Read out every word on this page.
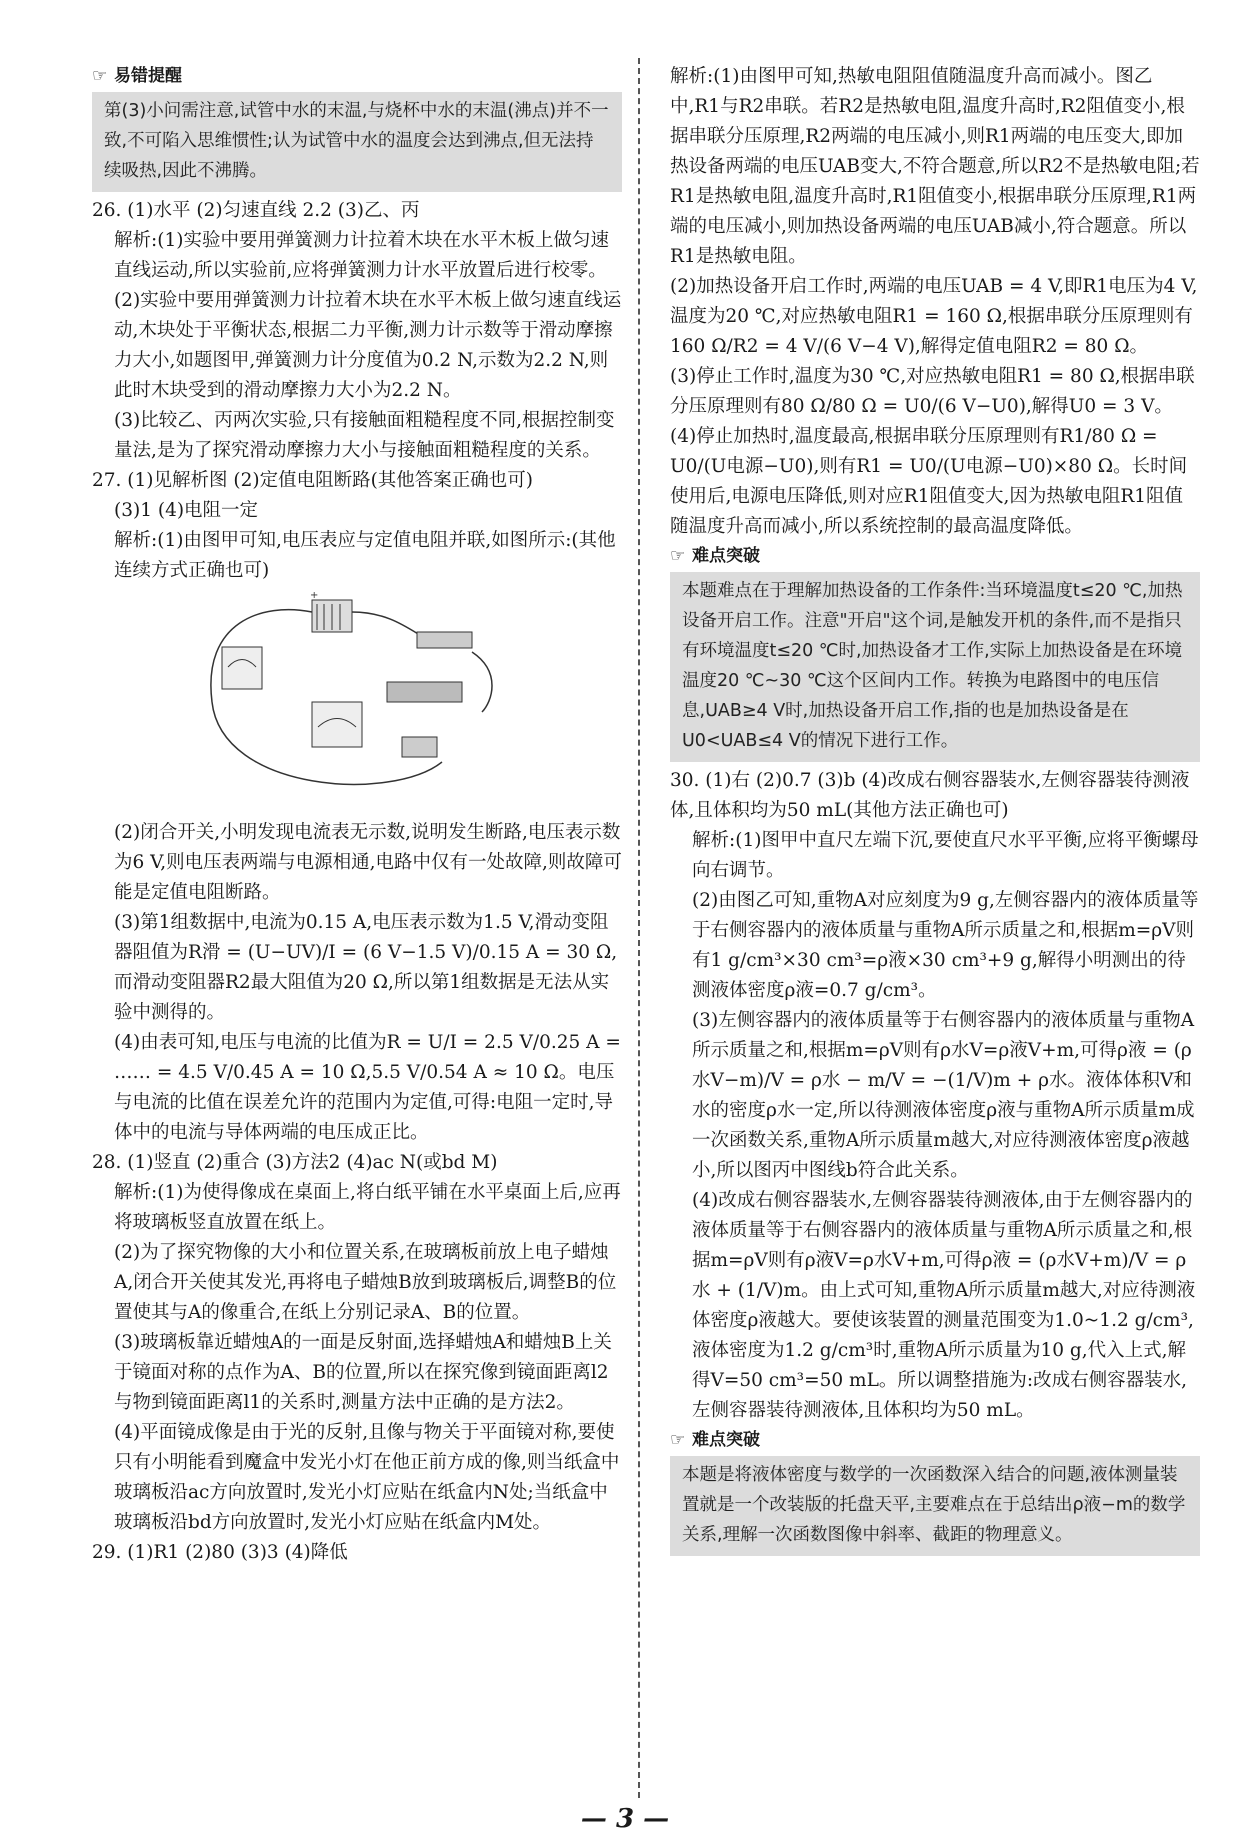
☞ 易错提醒
第(3)小问需注意,试管中水的末温,与烧杯中水的末温(沸点)并不一致,不可陷入思维惯性;认为试管中水的温度会达到沸点,但无法持续吸热,因此不沸腾。

26. (1)水平 (2)匀速直线 2.2 (3)乙、丙

解析:(1)实验中要用弹簧测力计拉着木块在水平木板上做匀速直线运动,所以实验前,应将弹簧测力计水平放置后进行校零。

(2)实验中要用弹簧测力计拉着木块在水平木板上做匀速直线运动,木块处于平衡状态,根据二力平衡,测力计示数等于滑动摩擦力大小,如题图甲,弹簧测力计分度值为0.2 N,示数为2.2 N,则此时木块受到的滑动摩擦力大小为2.2 N。

(3)比较乙、丙两次实验,只有接触面粗糙程度不同,根据控制变量法,是为了探究滑动摩擦力大小与接触面粗糙程度的关系。

27. (1)见解析图 (2)定值电阻断路(其他答案正确也可)

(3)1 (4)电阻一定

解析:(1)由图甲可知,电压表应与定值电阻并联,如图所示:(其他连续方式正确也可)

+

(2)闭合开关,小明发现电流表无示数,说明发生断路,电压表示数为6 V,则电压表两端与电源相通,电路中仅有一处故障,则故障可能是定值电阻断路。

(3)第1组数据中,电流为0.15 A,电压表示数为1.5 V,滑动变阻器阻值为R滑 = (U−UV)/I = (6 V−1.5 V)/0.15 A = 30 Ω,

而滑动变阻器R2最大阻值为20 Ω,所以第1组数据是无法从实验中测得的。

(4)由表可知,电压与电流的比值为R = U/I = 2.5 V/0.25 A = …… = 4.5 V/0.45 A = 10 Ω,5.5 V/0.54 A ≈ 10 Ω。电压与电流的比值在误差允许的范围内为定值,可得:电阻一定时,导体中的电流与导体两端的电压成正比。

28. (1)竖直 (2)重合 (3)方法2 (4)ac N(或bd M)

解析:(1)为使得像成在桌面上,将白纸平铺在水平桌面上后,应再将玻璃板竖直放置在纸上。

(2)为了探究物像的大小和位置关系,在玻璃板前放上电子蜡烛A,闭合开关使其发光,再将电子蜡烛B放到玻璃板后,调整B的位置使其与A的像重合,在纸上分别记录A、B的位置。

(3)玻璃板靠近蜡烛A的一面是反射面,选择蜡烛A和蜡烛B上关于镜面对称的点作为A、B的位置,所以在探究像到镜面距离l2与物到镜面距离l1的关系时,测量方法中正确的是方法2。

(4)平面镜成像是由于光的反射,且像与物关于平面镜对称,要使只有小明能看到魔盒中发光小灯在他正前方成的像,则当纸盒中玻璃板沿ac方向放置时,发光小灯应贴在纸盒内N处;当纸盒中玻璃板沿bd方向放置时,发光小灯应贴在纸盒内M处。

29. (1)R1 (2)80 (3)3 (4)降低

解析:(1)由图甲可知,热敏电阻阻值随温度升高而减小。图乙中,R1与R2串联。若R2是热敏电阻,温度升高时,R2阻值变小,根据串联分压原理,R2两端的电压减小,则R1两端的电压变大,即加热设备两端的电压UAB变大,不符合题意,所以R2不是热敏电阻;若R1是热敏电阻,温度升高时,R1阻值变小,根据串联分压原理,R1两端的电压减小,则加热设备两端的电压UAB减小,符合题意。所以R1是热敏电阻。

(2)加热设备开启工作时,两端的电压UAB = 4 V,即R1电压为4 V,温度为20 ℃,对应热敏电阻R1 = 160 Ω,根据串联分压原理则有160 Ω/R2 = 4 V/(6 V−4 V),解得定值电阻R2 = 80 Ω。

(3)停止工作时,温度为30 ℃,对应热敏电阻R1 = 80 Ω,根据串联分压原理则有80 Ω/80 Ω = U0/(6 V−U0),解得U0 = 3 V。

(4)停止加热时,温度最高,根据串联分压原理则有R1/80 Ω = U0/(U电源−U0),则有R1 = U0/(U电源−U0)×80 Ω。长时间使用后,电源电压降低,则对应R1阻值变大,因为热敏电阻R1阻值随温度升高而减小,所以系统控制的最高温度降低。

☞ 难点突破
本题难点在于理解加热设备的工作条件:当环境温度t≤20 ℃,加热设备开启工作。注意"开启"这个词,是触发开机的条件,而不是指只有环境温度t≤20 ℃时,加热设备才工作,实际上加热设备是在环境温度20 ℃~30 ℃这个区间内工作。转换为电路图中的电压信息,UAB≥4 V时,加热设备开启工作,指的也是加热设备是在U0<UAB≤4 V的情况下进行工作。

30. (1)右 (2)0.7 (3)b (4)改成右侧容器装水,左侧容器装待测液体,且体积均为50 mL(其他方法正确也可)

解析:(1)图甲中直尺左端下沉,要使直尺水平平衡,应将平衡螺母向右调节。

(2)由图乙可知,重物A对应刻度为9 g,左侧容器内的液体质量等于右侧容器内的液体质量与重物A所示质量之和,根据m=ρV则有1 g/cm³×30 cm³=ρ液×30 cm³+9 g,解得小明测出的待测液体密度ρ液=0.7 g/cm³。

(3)左侧容器内的液体质量等于右侧容器内的液体质量与重物A所示质量之和,根据m=ρV则有ρ水V=ρ液V+m,可得ρ液 = (ρ水V−m)/V = ρ水 − m/V = −(1/V)m + ρ水。液体体积V和水的密度ρ水一定,所以待测液体密度ρ液与重物A所示质量m成一次函数关系,重物A所示质量m越大,对应待测液体密度ρ液越小,所以图丙中图线b符合此关系。

(4)改成右侧容器装水,左侧容器装待测液体,由于左侧容器内的液体质量等于右侧容器内的液体质量与重物A所示质量之和,根据m=ρV则有ρ液V=ρ水V+m,可得ρ液 = (ρ水V+m)/V = ρ水 + (1/V)m。由上式可知,重物A所示质量m越大,对应待测液体密度ρ液越大。要使该装置的测量范围变为1.0~1.2 g/cm³,液体密度为1.2 g/cm³时,重物A所示质量为10 g,代入上式,解得V=50 cm³=50 mL。所以调整措施为:改成右侧容器装水,左侧容器装待测液体,且体积均为50 mL。

☞ 难点突破
本题是将液体密度与数学的一次函数深入结合的问题,液体测量装置就是一个改装版的托盘天平,主要难点在于总结出ρ液−m的数学关系,理解一次函数图像中斜率、截距的物理意义。
— 3 —
